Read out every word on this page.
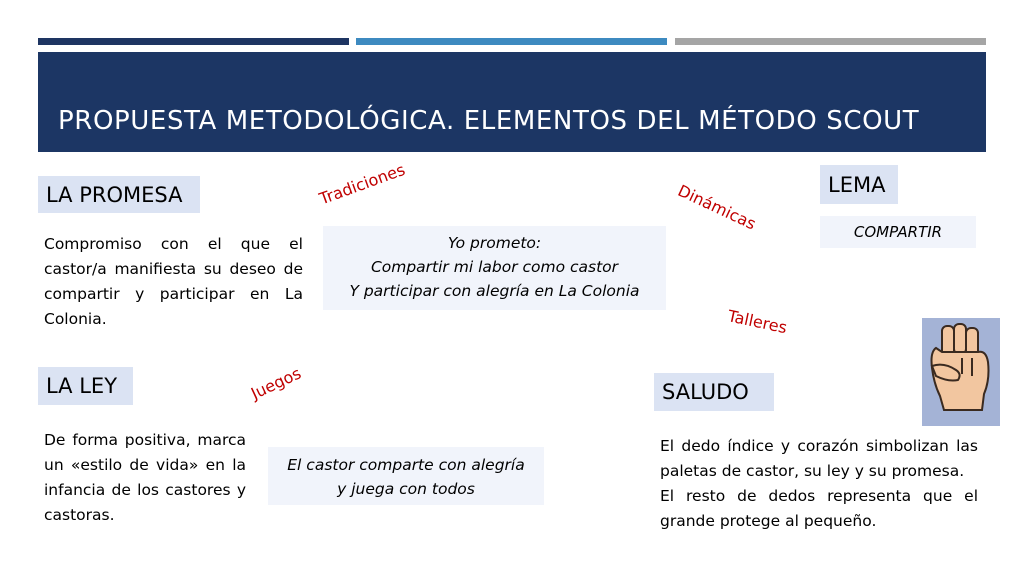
PROPUESTA METODOLÓGICA. ELEMENTOS DEL MÉTODO SCOUT
LA PROMESA
Compromiso con el que el castor/a manifiesta su deseo de compartir y participar en La Colonia.
Yo prometo:
Compartir mi labor como castor
Y participar con alegría en La Colonia
LA LEY
De forma positiva, marca un «estilo de vida» en la infancia de los castores y castoras.
El castor comparte con alegría
y juega con todos
LEMA
COMPARTIR
SALUDO
El dedo índice y corazón simbolizan las paletas de castor, su ley y su promesa.
El resto de dedos representa que el grande protege al pequeño.
Tradiciones	Dinámicas
Talleres
Juegos
